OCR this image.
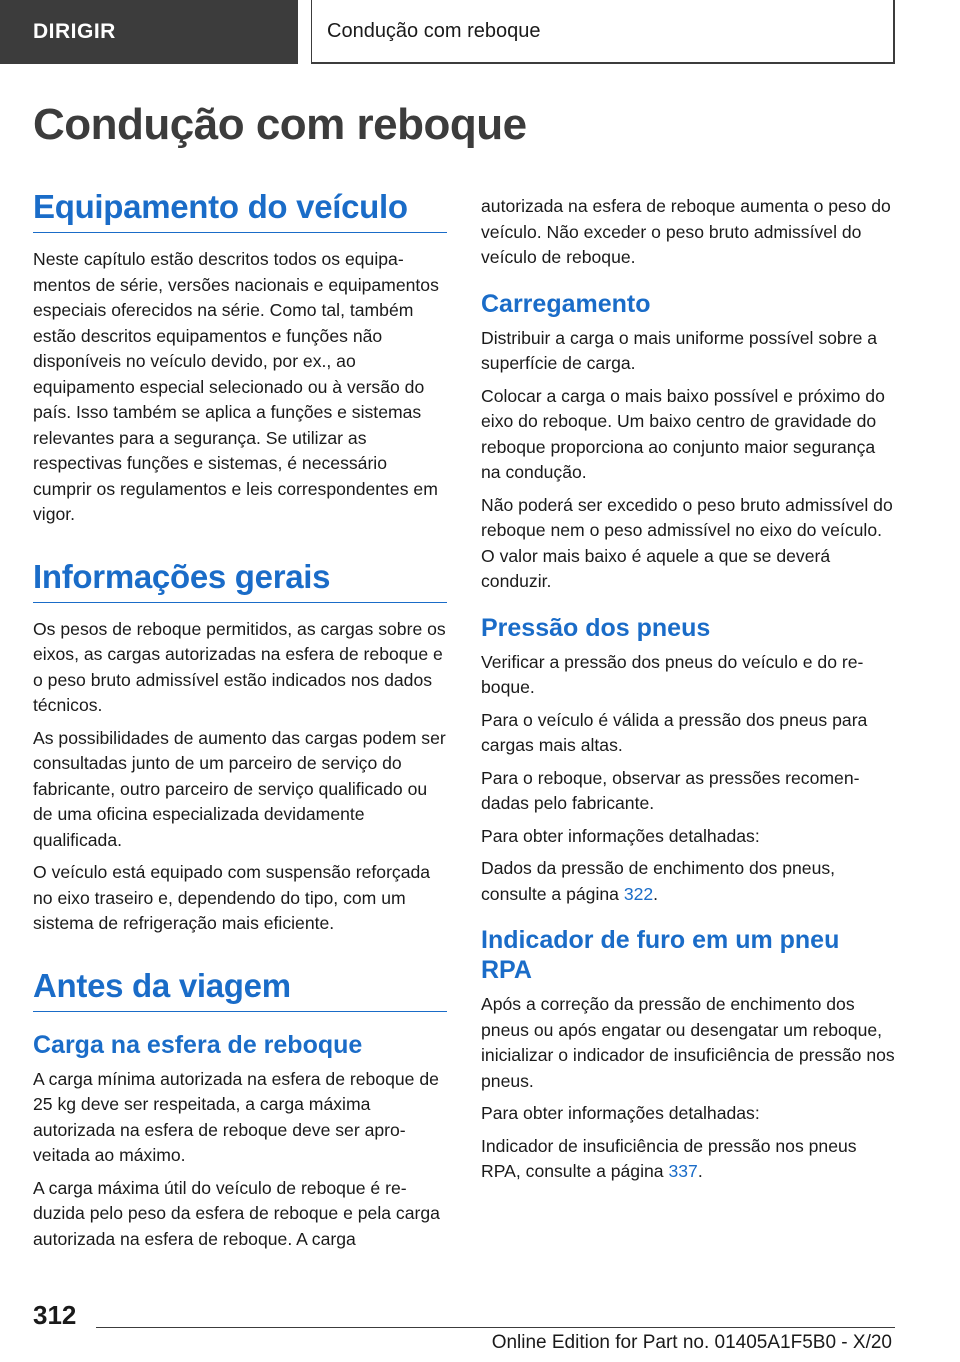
DIRIGIR	Condução com reboque
Condução com reboque
Equipamento do veículo

Neste capítulo estão descritos todos os equipamentos de série, versões nacionais e equipamentos especiais oferecidos na série. Como tal, também estão descritos equipamentos e funções não disponíveis no veículo devido, por ex., ao equipamento especial selecionado ou à versão do país. Isso também se aplica a funções e sistemas relevantes para a segurança. Se utilizar as respectivas funções e sistemas, é necessário cumprir os regulamentos e leis correspondentes em vigor.

Informações gerais

Os pesos de reboque permitidos, as cargas sobre os eixos, as cargas autorizadas na esfera de reboque e o peso bruto admissível estão indicados nos dados técnicos.

As possibilidades de aumento das cargas podem ser consultadas junto de um parceiro de serviço do fabricante, outro parceiro de serviço qualificado ou de uma oficina especializada devidamente qualificada.

O veículo está equipado com suspensão reforçada no eixo traseiro e, dependendo do tipo, com um sistema de refrigeração mais eficiente.

Antes da viagem
Carga na esfera de reboque

A carga mínima autorizada na esfera de reboque de 25 kg deve ser respeitada, a carga máxima autorizada na esfera de reboque deve ser aproveitada ao máximo.

A carga máxima útil do veículo de reboque é reduzida pelo peso da esfera de reboque e pela carga autorizada na esfera de reboque. A carga

autorizada na esfera de reboque aumenta o peso do veículo. Não exceder o peso bruto admissível do veículo de reboque.

Carregamento

Distribuir a carga o mais uniforme possível sobre a superfície de carga.

Colocar a carga o mais baixo possível e próximo do eixo do reboque. Um baixo centro de gravidade do reboque proporciona ao conjunto maior segurança na condução.

Não poderá ser excedido o peso bruto admissível do reboque nem o peso admissível no eixo do veículo. O valor mais baixo é aquele a que se deverá conduzir.

Pressão dos pneus

Verificar a pressão dos pneus do veículo e do reboque.

Para o veículo é válida a pressão dos pneus para cargas mais altas.

Para o reboque, observar as pressões recomendadas pelo fabricante.

Para obter informações detalhadas:

Dados da pressão de enchimento dos pneus, consulte a página 322.

Indicador de furo em um pneu RPA

Após a correção da pressão de enchimento dos pneus ou após engatar ou desengatar um reboque, inicializar o indicador de insuficiência de pressão nos pneus.

Para obter informações detalhadas:

Indicador de insuficiência de pressão nos pneus RPA, consulte a página 337.

312
Online Edition for Part no. 01405A1F5B0 - X/20
